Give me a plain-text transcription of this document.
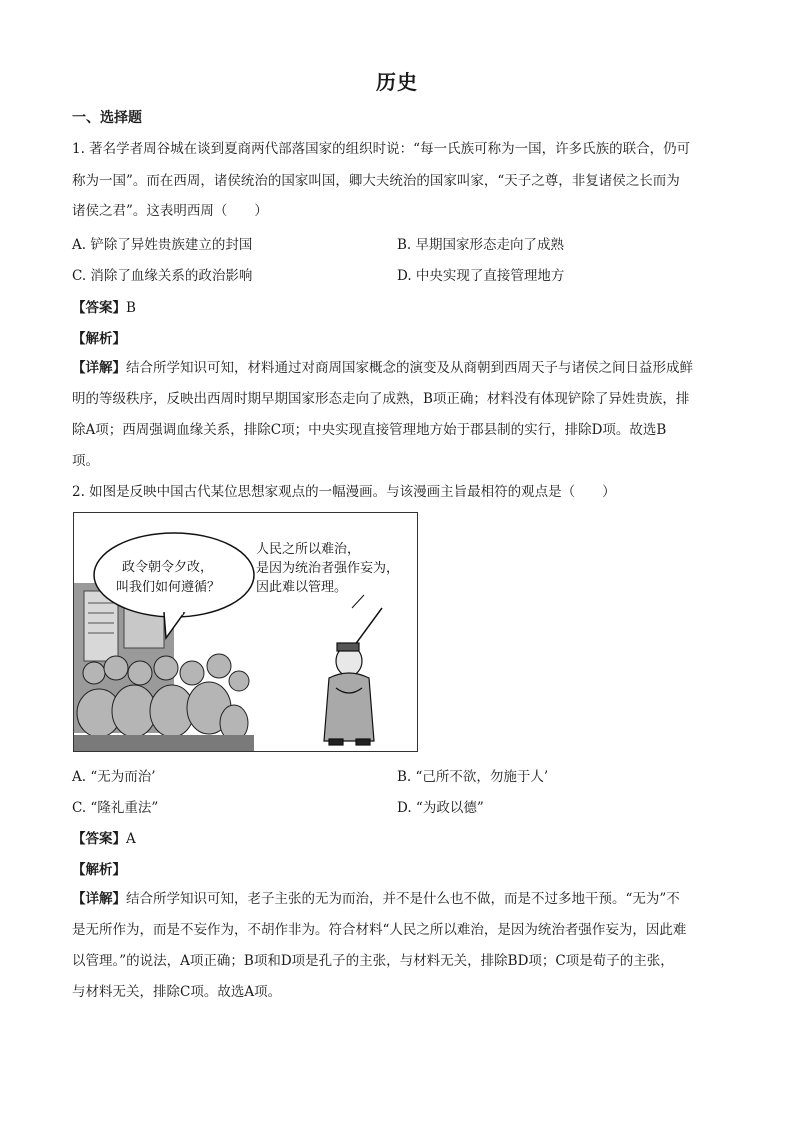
历史
一、选择题
1. 著名学者周谷城在谈到夏商两代部落国家的组织时说：“每一氏族可称为一国，许多氏族的联合，仍可
称为一国”。而在西周，诸侯统治的国家叫国，卿大夫统治的国家叫家，“天子之尊，非复诸侯之长而为
诸侯之君”。这表明西周（　　）
A. 铲除了异姓贵族建立的封国	B. 早期国家形态走向了成熟
C. 消除了血缘关系的政治影响	D. 中央实现了直接管理地方
【答案】B
【解析】
【详解】结合所学知识可知，材料通过对商周国家概念的演变及从商朝到西周天子与诸侯之间日益形成鲜
明的等级秩序，反映出西周时期早期国家形态走向了成熟，B项正确；材料没有体现铲除了异姓贵族，排
除A项；西周强调血缘关系，排除C项；中央实现直接管理地方始于郡县制的实行，排除D项。故选B
项。
2. 如图是反映中国古代某位思想家观点的一幅漫画。与该漫画主旨最相符的观点是（　　）
政令朝令夕改，
叫我们如何遵循？
人民之所以难治，
是因为统治者强作妄为，
因此难以管理。
A. “无为而治’	B. “己所不欲，勿施于人’
C. “隆礼重法”	D. “为政以德”
【答案】A
【解析】
【详解】结合所学知识可知，老子主张的无为而治，并不是什么也不做，而是不过多地干预。“无为”不
是无所作为，而是不妄作为，不胡作非为。符合材料“人民之所以难治，是因为统治者强作妄为，因此难
以管理。”的说法，A项正确；B项和D项是孔子的主张，与材料无关，排除BD项；C项是荀子的主张，
与材料无关，排除C项。故选A项。
